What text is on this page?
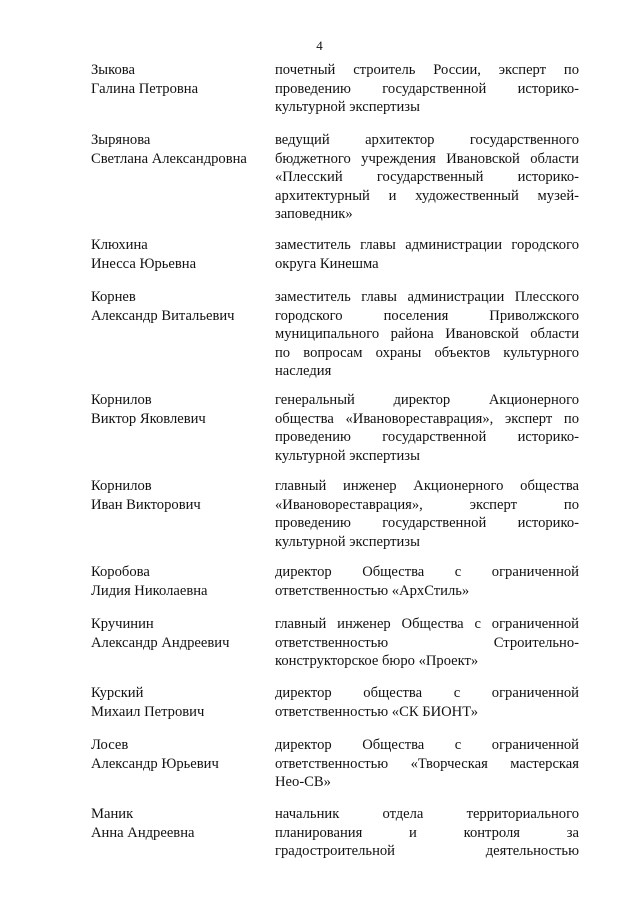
4
Зыкова
Галина Петровна
почетный строитель России, эксперт по
проведению государственной историко-
культурной экспертизы
Зырянова
Светлана Александровна
ведущий архитектор государственного
бюджетного учреждения Ивановской области
«Плесский государственный историко-
архитектурный и художественный музей-
заповедник»
Клюхина
Инесса Юрьевна
заместитель главы администрации городского
округа Кинешма
Корнев
Александр Витальевич
заместитель главы администрации Плесского
городского поселения Приволжского
муниципального района Ивановской области
по вопросам охраны объектов культурного
наследия
Корнилов
Виктор Яковлевич
генеральный директор Акционерного
общества «Ивановореставрация», эксперт по
проведению государственной историко-
культурной экспертизы
Корнилов
Иван Викторович
главный инженер Акционерного общества
«Ивановореставрация», эксперт по
проведению государственной историко-
культурной экспертизы
Коробова
Лидия Николаевна
директор Общества с ограниченной
ответственностью «АрхСтиль»
Кручинин
Александр Андреевич
главный инженер Общества с ограниченной
ответственностью Строительно-
конструкторское бюро «Проект»
Курский
Михаил Петрович
директор общества с ограниченной
ответственностью «СК БИОНТ»
Лосев
Александр Юрьевич
директор Общества с ограниченной
ответственностью «Творческая мастерская
Нео-СВ»
Маник
Анна Андреевна
начальник отдела территориального
планирования и контроля за
градостроительной деятельностью
